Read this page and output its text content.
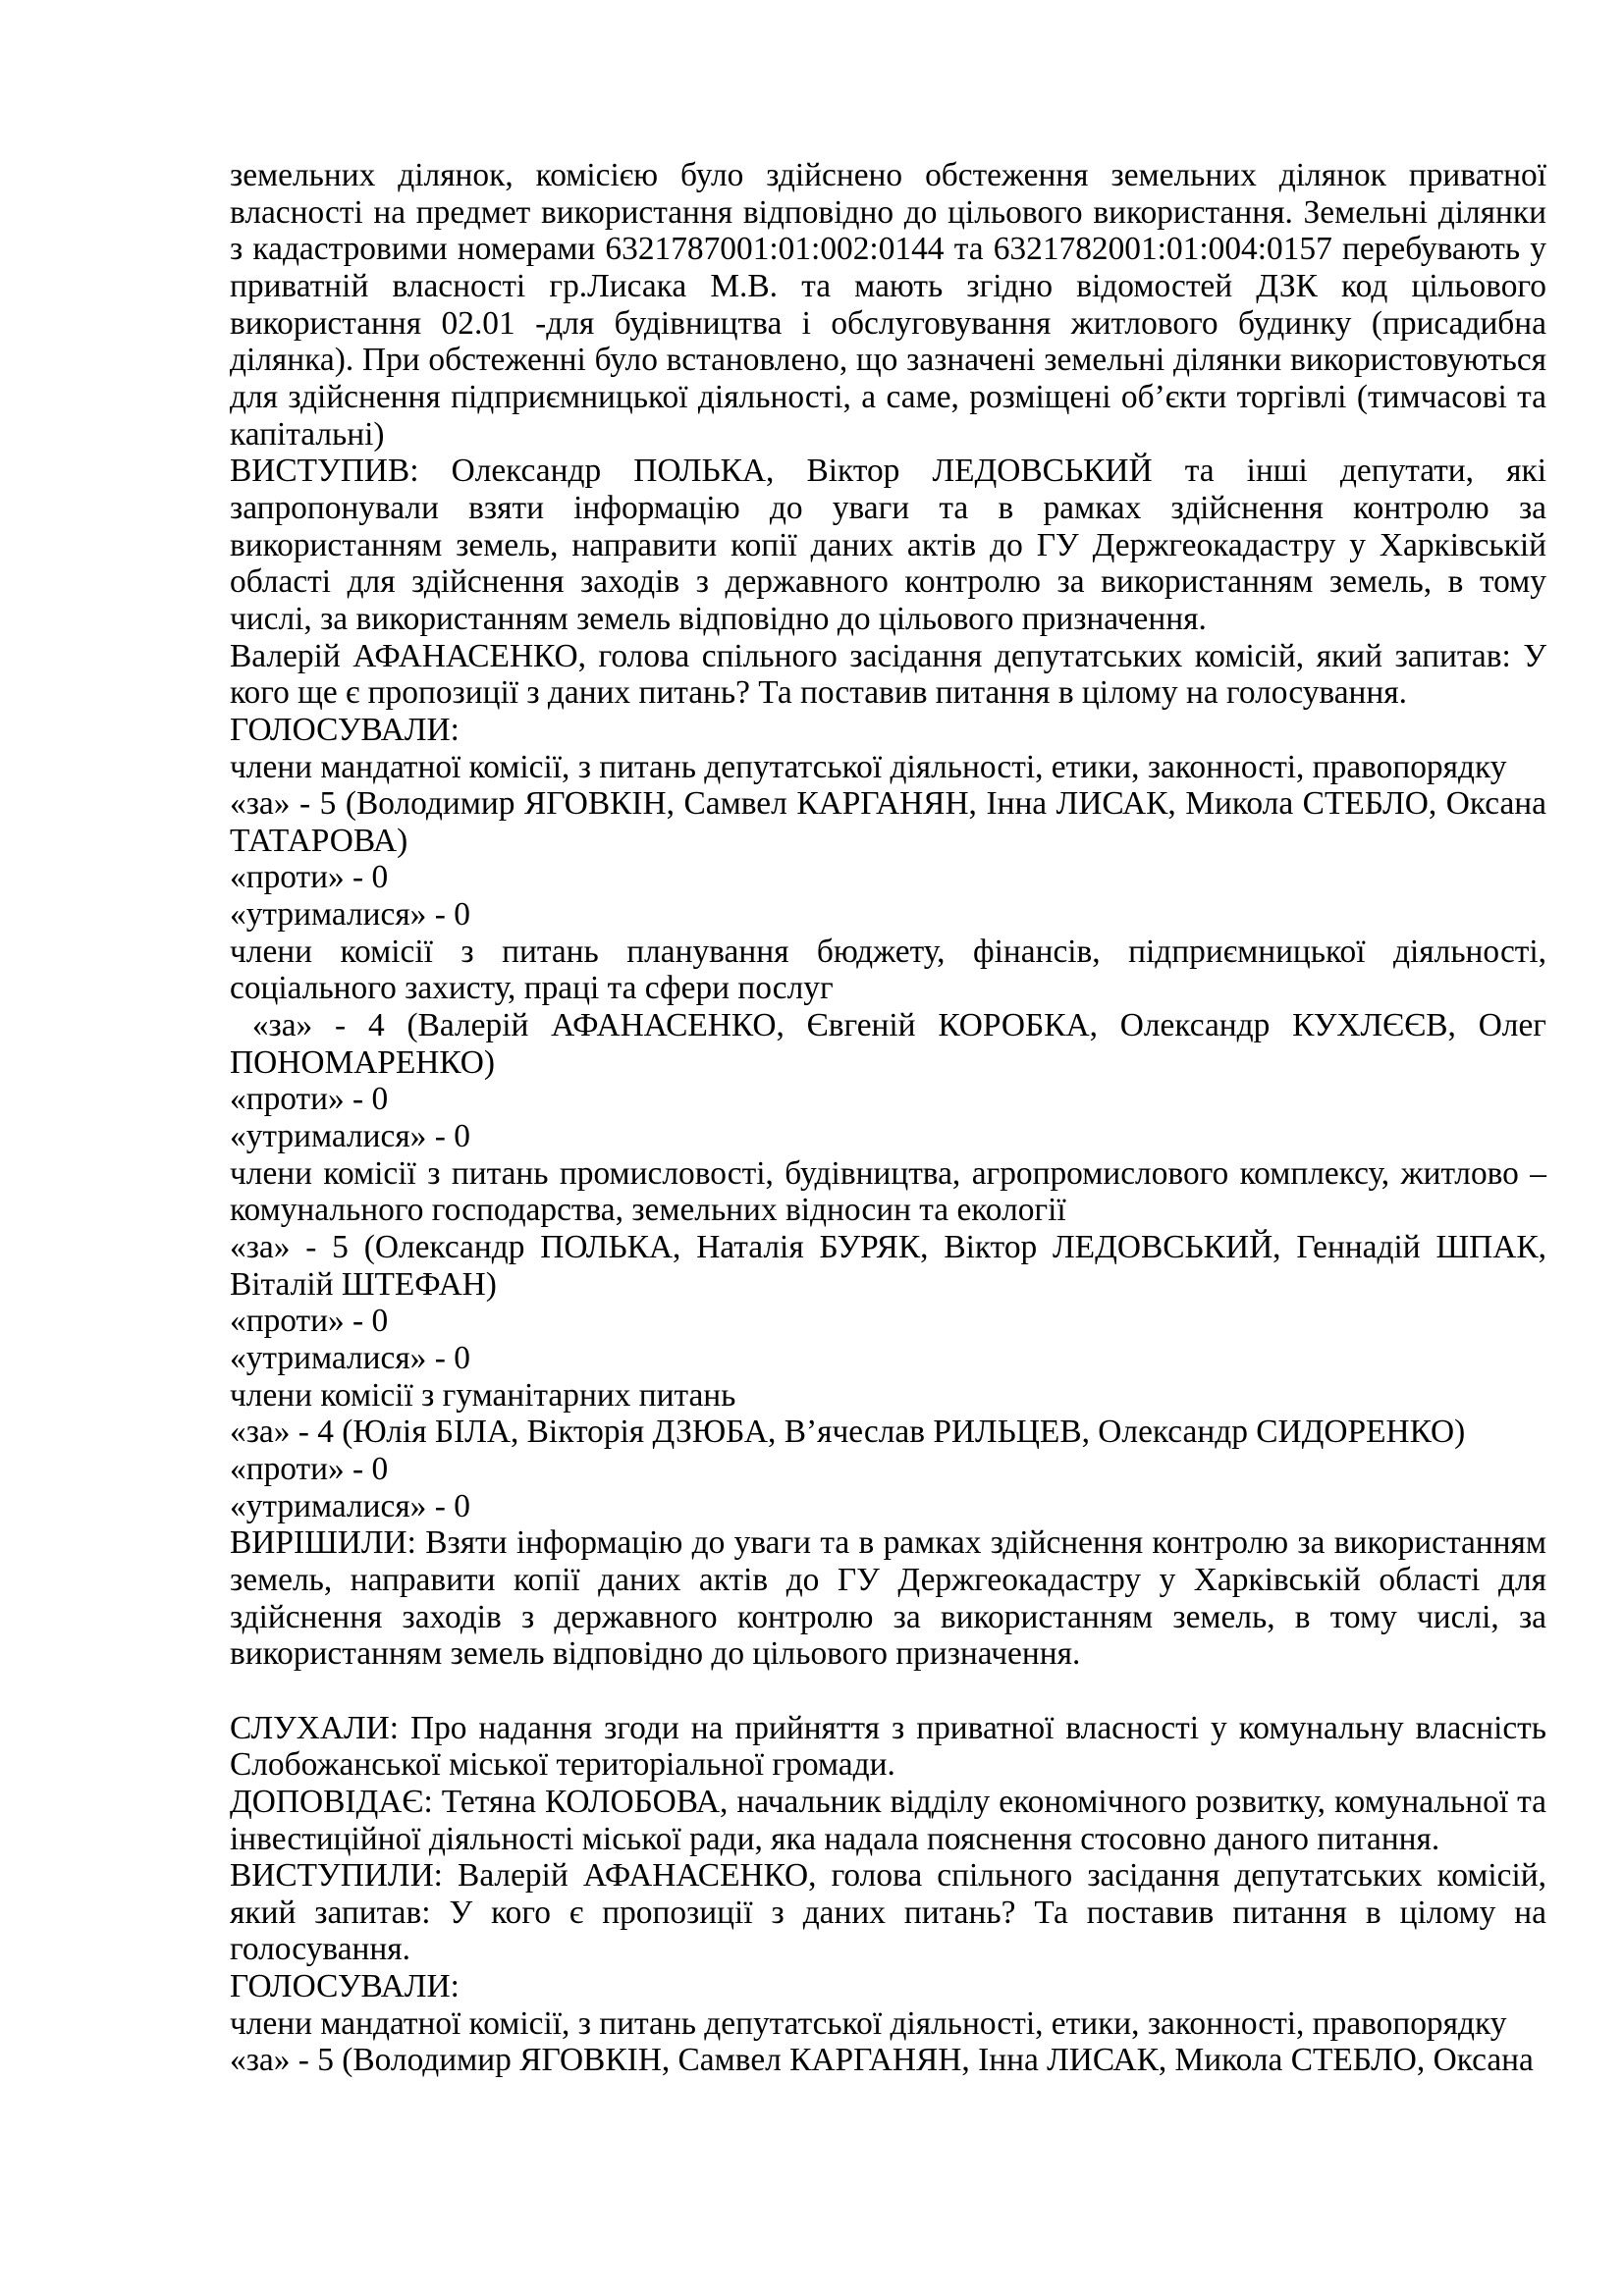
земельних ділянок, комісією було здійснено обстеження земельних ділянок приватної власності на предмет використання відповідно до цільового використання. Земельні ділянки з кадастровими номерами 6321787001:01:002:0144 та 6321782001:01:004:0157 перебувають у приватній власності гр.Лисака М.В. та мають згідно відомостей ДЗК код цільового використання 02.01 -для будівництва і обслуговування житлового будинку (присадибна ділянка). При обстеженні було встановлено, що зазначені земельні ділянки використовуються для здійснення підприємницької діяльності, а саме, розміщені об’єкти торгівлі (тимчасові та капітальні)

ВИСТУПИВ: Олександр ПОЛЬКА, Віктор ЛЕДОВСЬКИЙ та інші депутати, які запропонували взяти інформацію до уваги та в рамках здійснення контролю за використанням земель, направити копії даних актів до ГУ Держгеокадастру у Харківській області для здійснення заходів з державного контролю за використанням земель, в тому числі, за використанням земель відповідно до цільового призначення.

Валерій АФАНАСЕНКО, голова спільного засідання депутатських комісій, який запитав: У кого ще є пропозиції з даних питань? Та поставив питання в цілому на голосування.

ГОЛОСУВАЛИ:

члени мандатної комісії, з питань депутатської діяльності, етики, законності, правопорядку

«за» - 5 (Володимир ЯГОВКІН, Самвел КАРГАНЯН, Інна ЛИСАК, Микола СТЕБЛО, Оксана ТАТАРОВА)

«проти» - 0

«утрималися» - 0

члени комісії з питань планування бюджету, фінансів, підприємницької діяльності, соціального захисту, праці та сфери послуг

«за» - 4 (Валерій АФАНАСЕНКО, Євгеній КОРОБКА, Олександр КУХЛЄЄВ, Олег ПОНОМАРЕНКО)

«проти» - 0

«утрималися» - 0

члени комісії з питань промисловості, будівництва, агропромислового комплексу, житлово – комунального господарства, земельних відносин та екології

«за» - 5 (Олександр ПОЛЬКА, Наталія БУРЯК, Віктор ЛЕДОВСЬКИЙ, Геннадій ШПАК, Віталій ШТЕФАН)

«проти» - 0

«утрималися» - 0

члени комісії з гуманітарних питань

«за» - 4 (Юлія БІЛА, Вікторія ДЗЮБА, В’ячеслав РИЛЬЦЕВ, Олександр СИДОРЕНКО)

«проти» - 0

«утрималися» - 0

ВИРІШИЛИ: Взяти інформацію до уваги та в рамках здійснення контролю за використанням земель, направити копії даних актів до ГУ Держгеокадастру у Харківській області для здійснення заходів з державного контролю за використанням земель, в тому числі, за використанням земель відповідно до цільового призначення.

СЛУХАЛИ: Про надання згоди на прийняття з приватної власності у комунальну власність Слобожанської міської територіальної громади.

ДОПОВІДАЄ: Тетяна КОЛОБОВА, начальник відділу економічного розвитку, комунальної та інвестиційної діяльності міської ради, яка надала пояснення стосовно даного питання.

ВИСТУПИЛИ: Валерій АФАНАСЕНКО, голова спільного засідання депутатських комісій, який запитав: У кого є пропозиції з даних питань? Та поставив питання в цілому на голосування.

ГОЛОСУВАЛИ:

члени мандатної комісії, з питань депутатської діяльності, етики, законності, правопорядку

«за» - 5 (Володимир ЯГОВКІН, Самвел КАРГАНЯН, Інна ЛИСАК, Микола СТЕБЛО, Оксана
